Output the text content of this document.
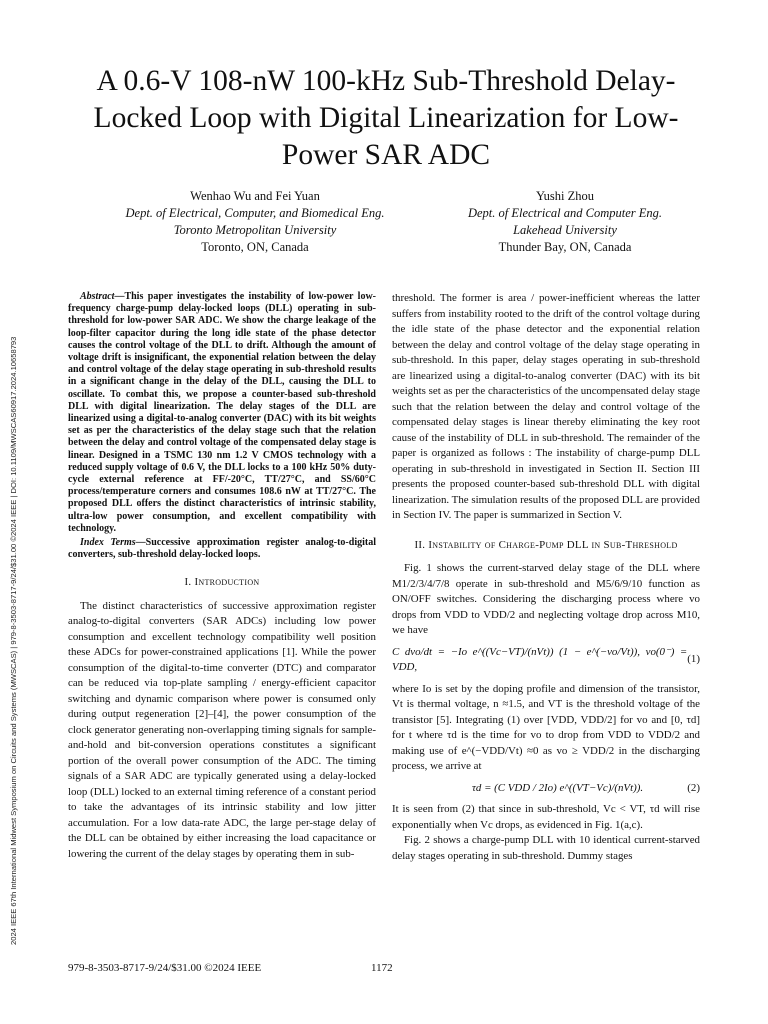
2024 IEEE 67th International Midwest Symposium on Circuits and Systems (MWSCAS) | 979-8-3503-8717-9/24/$31.00 ©2024 IEEE | DOI: 10.1109/MWSCAS60917.2024.10658793
A 0.6-V 108-nW 100-kHz Sub-Threshold Delay-Locked Loop with Digital Linearization for Low-Power SAR ADC
Wenhao Wu and Fei Yuan
Dept. of Electrical, Computer, and Biomedical Eng.
Toronto Metropolitan University
Toronto, ON, Canada
Yushi Zhou
Dept. of Electrical and Computer Eng.
Lakehead University
Thunder Bay, ON, Canada

Abstract—This paper investigates the instability of low-power low-frequency charge-pump delay-locked loops (DLL) operating in sub-threshold for low-power SAR ADC. We show the charge leakage of the loop-filter capacitor during the long idle state of the phase detector causes the control voltage of the DLL to drift. Although the amount of voltage drift is insignificant, the exponential relation between the delay and control voltage of the delay stage operating in sub-threshold results in a significant change in the delay of the DLL, causing the DLL to oscillate. To combat this, we propose a counter-based sub-threshold DLL with digital linearization. The delay stages of the DLL are linearized using a digital-to-analog converter (DAC) with its bit weights set as per the characteristics of the delay stage such that the relation between the delay and control voltage of the compensated delay stage is linear. Designed in a TSMC 130 nm 1.2 V CMOS technology with a reduced supply voltage of 0.6 V, the DLL locks to a 100 kHz 50% duty-cycle external reference at FF/-20°C, TT/27°C, and SS/60°C process/temperature corners and consumes 108.6 nW at TT/27°C. The proposed DLL offers the distinct characteristics of intrinsic stability, ultra-low power consumption, and excellent compatibility with technology.

Index Terms—Successive approximation register analog-to-digital converters, sub-threshold delay-locked loops.

I. Introduction

The distinct characteristics of successive approximation register analog-to-digital converters (SAR ADCs) including low power consumption and excellent technology compatibility well position these ADCs for power-constrained applications [1]. While the power consumption of the digital-to-time converter (DTC) and comparator can be reduced via top-plate sampling / energy-efficient capacitor switching and dynamic comparison where power is consumed only during output regeneration [2]–[4], the power consumption of the clock generator generating non-overlapping timing signals for sample-and-hold and bit-conversion operations constitutes a significant portion of the overall power consumption of the ADC. The timing signals of a SAR ADC are typically generated using a delay-locked loop (DLL) locked to an external timing reference of a constant period to take the advantages of its intrinsic stability and low jitter accumulation. For a low data-rate ADC, the large per-stage delay of the DLL can be obtained by either increasing the load capacitance or lowering the current of the delay stages by operating them in sub-

threshold. The former is area / power-inefficient whereas the latter suffers from instability rooted to the drift of the control voltage during the idle state of the phase detector and the exponential relation between the delay and control voltage of the delay stage operating in sub-threshold. In this paper, delay stages operating in sub-threshold are linearized using a digital-to-analog converter (DAC) with its bit weights set as per the characteristics of the uncompensated delay stage such that the relation between the delay and control voltage of the compensated delay stages is linear thereby eliminating the key root cause of the instability of DLL in sub-threshold. The remainder of the paper is organized as follows : The instability of charge-pump DLL operating in sub-threshold in investigated in Section II. Section III presents the proposed counter-based sub-threshold DLL with digital linearization. The simulation results of the proposed DLL are provided in Section IV. The paper is summarized in Section V.

II. Instability of Charge-Pump DLL in Sub-Threshold

Fig. 1 shows the current-starved delay stage of the DLL where M1/2/3/4/7/8 operate in sub-threshold and M5/6/9/10 function as ON/OFF switches. Considering the discharging process where vo drops from VDD to VDD/2 and neglecting voltage drop across M10, we have

C dvo/dt = −Io e^((Vc−VT)/(nVt)) (1 − e^(−vo/Vt)), vo(0⁻) = VDD,
(1)

where Io is set by the doping profile and dimension of the transistor, Vt is thermal voltage, n ≈1.5, and VT is the threshold voltage of the transistor [5]. Integrating (1) over [VDD, VDD/2] for vo and [0, τd] for t where τd is the time for vo to drop from VDD to VDD/2 and making use of e^(−VDD/Vt) ≈0 as vo ≥ VDD/2 in the discharging process, we arrive at

τd = (C VDD / 2Io) e^((VT−Vc)/(nVt)).	(2)

It is seen from (2) that since in sub-threshold, Vc < VT, τd will rise exponentially when Vc drops, as evidenced in Fig. 1(a,c).

Fig. 2 shows a charge-pump DLL with 10 identical current-starved delay stages operating in sub-threshold. Dummy stages

979-8-3503-8717-9/24/$31.00 ©2024 IEEE	1172
